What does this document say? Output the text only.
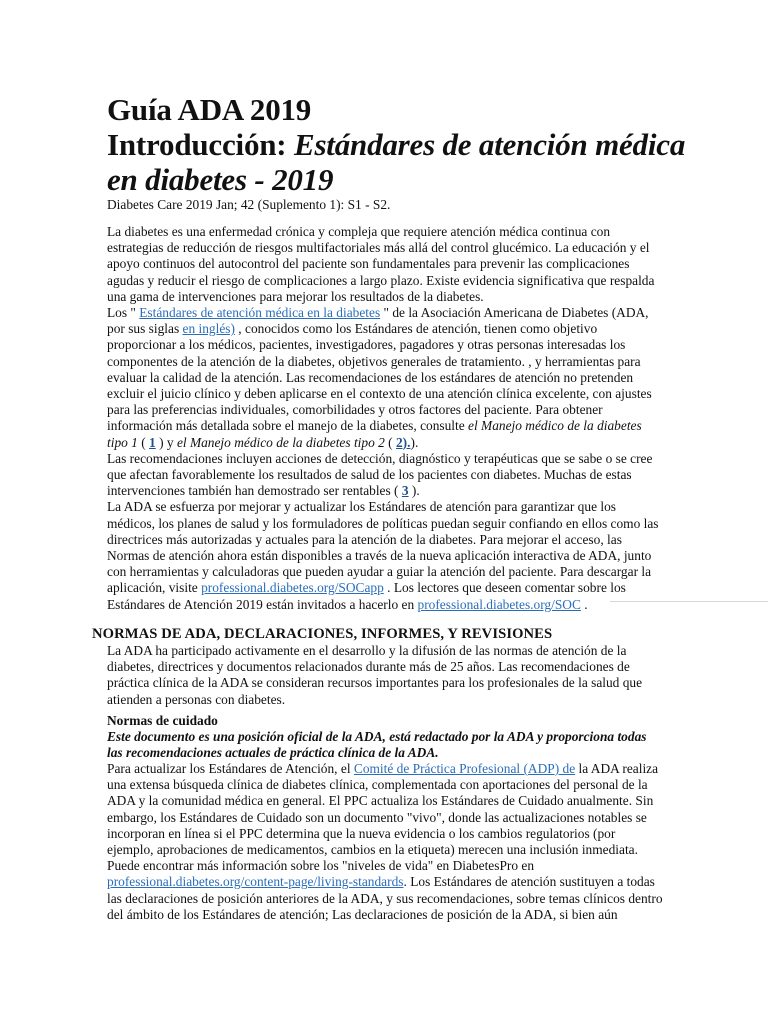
Guía ADA 2019
Introducción: Estándares de atención médica
en diabetes - 2019

Diabetes Care 2019 Jan; 42 (Suplemento 1): S1 - S2.

La diabetes es una enfermedad crónica y compleja que requiere atención médica continua con estrategias de reducción de riesgos multifactoriales más allá del control glucémico. La educación y el apoyo continuos del autocontrol del paciente son fundamentales para prevenir las complicaciones agudas y reducir el riesgo de complicaciones a largo plazo. Existe evidencia significativa que respalda una gama de intervenciones para mejorar los resultados de la diabetes.

Los " Estándares de atención médica en la diabetes " de la Asociación Americana de Diabetes (ADA, por sus siglas en inglés) , conocidos como los Estándares de atención, tienen como objetivo proporcionar a los médicos, pacientes, investigadores, pagadores y otras personas interesadas los componentes de la atención de la diabetes, objetivos generales de tratamiento. , y herramientas para evaluar la calidad de la atención. Las recomendaciones de los estándares de atención no pretenden excluir el juicio clínico y deben aplicarse en el contexto de una atención clínica excelente, con ajustes para las preferencias individuales, comorbilidades y otros factores del paciente. Para obtener información más detallada sobre el manejo de la diabetes, consulte el Manejo médico de la diabetes tipo 1 ( 1 ) y el Manejo médico de la diabetes tipo 2 ( 2).).

Las recomendaciones incluyen acciones de detección, diagnóstico y terapéuticas que se sabe o se cree que afectan favorablemente los resultados de salud de los pacientes con diabetes. Muchas de estas intervenciones también han demostrado ser rentables ( 3 ).

La ADA se esfuerza por mejorar y actualizar los Estándares de atención para garantizar que los médicos, los planes de salud y los formuladores de políticas puedan seguir confiando en ellos como las directrices más autorizadas y actuales para la atención de la diabetes. Para mejorar el acceso, las Normas de atención ahora están disponibles a través de la nueva aplicación interactiva de ADA, junto con herramientas y calculadoras que pueden ayudar a guiar la atención del paciente. Para descargar la aplicación, visite professional.diabetes.org/SOCapp . Los lectores que deseen comentar sobre los Estándares de Atención 2019 están invitados a hacerlo en professional.diabetes.org/SOC .

NORMAS DE ADA, DECLARACIONES, INFORMES, Y REVISIONES

La ADA ha participado activamente en el desarrollo y la difusión de las normas de atención de la diabetes, directrices y documentos relacionados durante más de 25 años. Las recomendaciones de práctica clínica de la ADA se consideran recursos importantes para los profesionales de la salud que atienden a personas con diabetes.

Normas de cuidado

Este documento es una posición oficial de la ADA, está redactado por la ADA y proporciona todas las recomendaciones actuales de práctica clínica de la ADA.

Para actualizar los Estándares de Atención, el Comité de Práctica Profesional (ADP) de la ADA realiza una extensa búsqueda clínica de diabetes clínica, complementada con aportaciones del personal de la ADA y la comunidad médica en general. El PPC actualiza los Estándares de Cuidado anualmente. Sin embargo, los Estándares de Cuidado son un documento "vivo", donde las actualizaciones notables se incorporan en línea si el PPC determina que la nueva evidencia o los cambios regulatorios (por ejemplo, aprobaciones de medicamentos, cambios en la etiqueta) merecen una inclusión inmediata. Puede encontrar más información sobre los "niveles de vida" en DiabetesPro en professional.diabetes.org/content-page/living-standards. Los Estándares de atención sustituyen a todas las declaraciones de posición anteriores de la ADA, y sus recomendaciones, sobre temas clínicos dentro del ámbito de los Estándares de atención; Las declaraciones de posición de la ADA, si bien aún
